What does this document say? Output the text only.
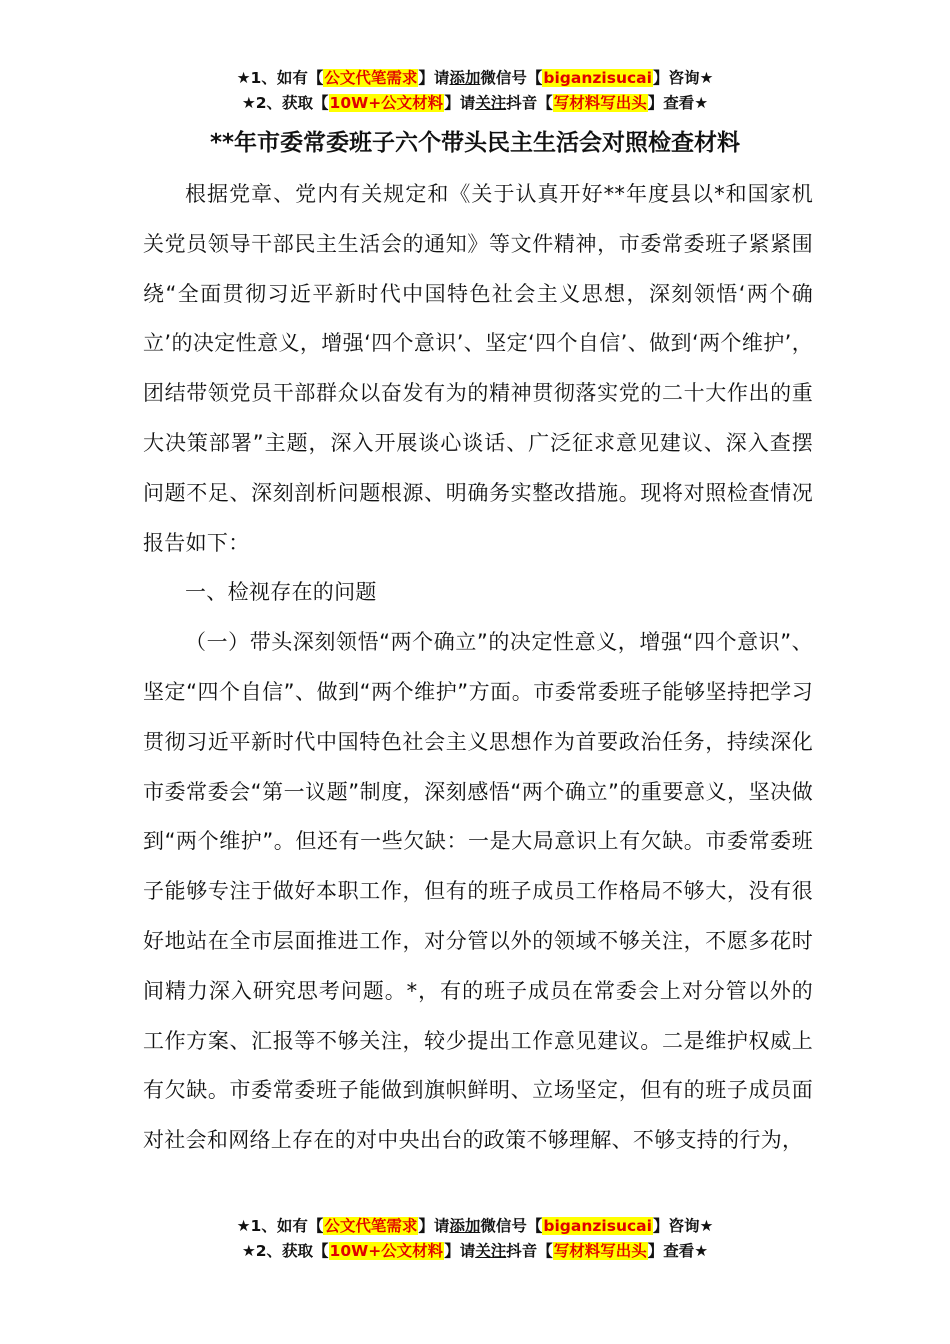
★1、如有【公文代笔需求】请添加微信号【biganzisucai】咨询★
★2、获取【10W+公文材料】请关注抖音【写材料写出头】查看★
**年市委常委班子六个带头民主生活会对照检查材料

根据党章、党内有关规定和《关于认真开好**年度县以*和国家机关党员领导干部民主生活会的通知》等文件精神，市委常委班子紧紧围绕“全面贯彻习近平新时代中国特色社会主义思想，深刻领悟‘两个确立’的决定性意义，增强‘四个意识’、坚定‘四个自信’、做到‘两个维护’，团结带领党员干部群众以奋发有为的精神贯彻落实党的二十大作出的重大决策部署”主题，深入开展谈心谈话、广泛征求意见建议、深入查摆问题不足、深刻剖析问题根源、明确务实整改措施。现将对照检查情况报告如下：

一、检视存在的问题

（一）带头深刻领悟“两个确立”的决定性意义，增强“四个意识”、坚定“四个自信”、做到“两个维护”方面。市委常委班子能够坚持把学习贯彻习近平新时代中国特色社会主义思想作为首要政治任务，持续深化市委常委会“第一议题”制度，深刻感悟“两个确立”的重要意义，坚决做到“两个维护”。但还有一些欠缺：一是大局意识上有欠缺。市委常委班子能够专注于做好本职工作，但有的班子成员工作格局不够大，没有很好地站在全市层面推进工作，对分管以外的领域不够关注，不愿多花时间精力深入研究思考问题。*，有的班子成员在常委会上对分管以外的工作方案、汇报等不够关注，较少提出工作意见建议。二是维护权威上有欠缺。市委常委班子能做到旗帜鲜明、立场坚定，但有的班子成员面对社会和网络上存在的对中央出台的政策不够理解、不够支持的行为，

★1、如有【公文代笔需求】请添加微信号【biganzisucai】咨询★
★2、获取【10W+公文材料】请关注抖音【写材料写出头】查看★
